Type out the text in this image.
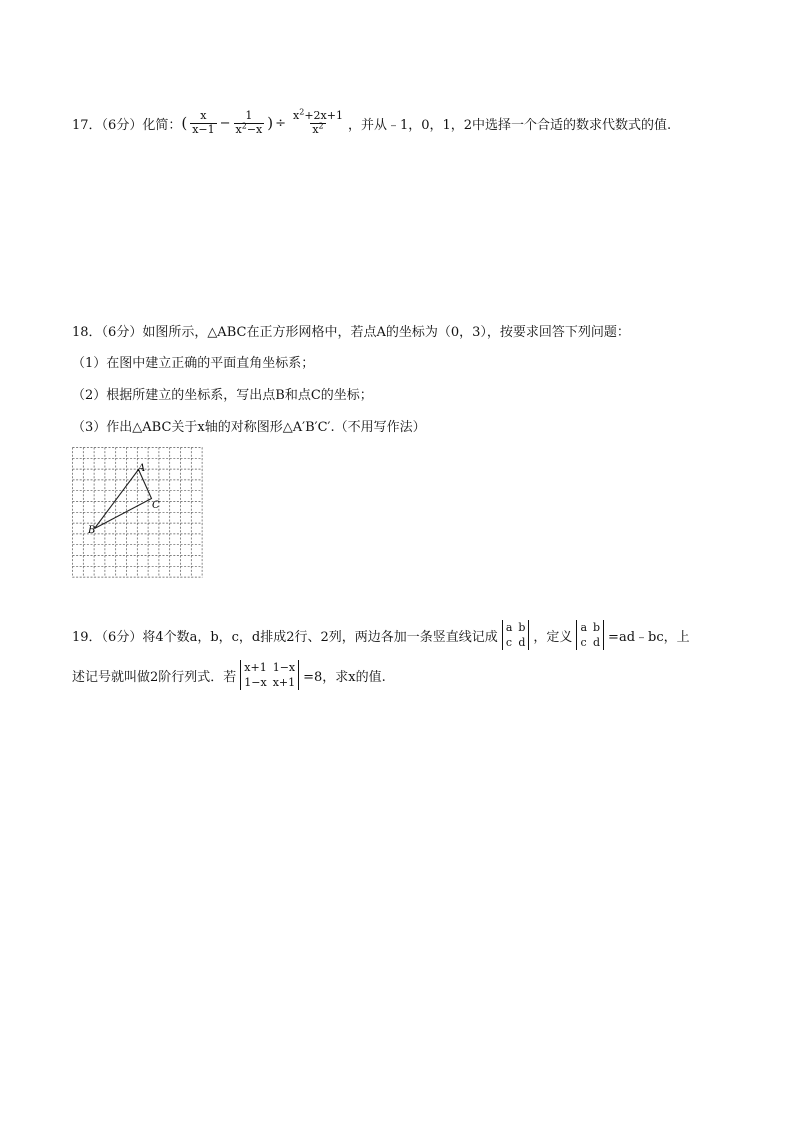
17．（6分）化简： ( $\frac{x}{x-1} - \frac{1}{x^2-x}$ ) ÷ $\frac{x^2+2x+1}{x^2}$ ，并从﹣1，0，1，2中选择一个合适的数求代数式的值.
18．（6分）如图所示，△ABC在正方形网格中，若点A的坐标为（0，3），按要求回答下列问题：
（1）在图中建立正确的平面直角坐标系；
（2）根据所建立的坐标系，写出点B和点C的坐标；
（3）作出△ABC关于x轴的对称图形△A′B′C′.（不用写作法）
A
C
B
19．（6分）将4个数a，b，c，d排成2行、2列，两边各加一条竖直线记成
a b
c d ，定义
a b
c d =ad﹣bc，上
述记号就叫做2阶行列式．若
x+1 1−x
1−x x+1 =8，求x的值.
